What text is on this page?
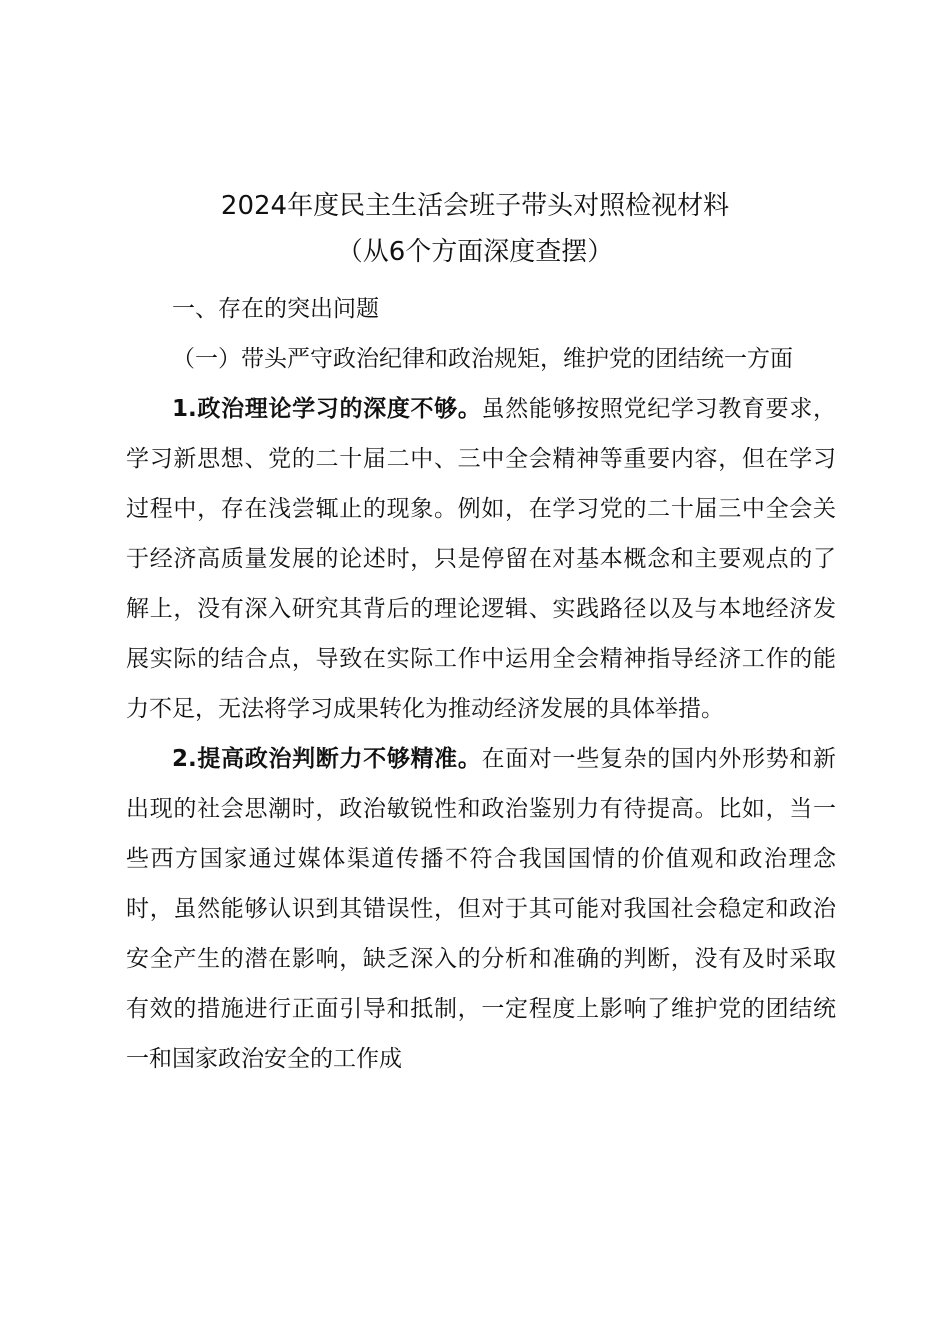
2024年度民主生活会班子带头对照检视材料
（从6个方面深度查摆）

一、存在的突出问题

（一）带头严守政治纪律和政治规矩，维护党的团结统一方面

1.政治理论学习的深度不够。虽然能够按照党纪学习教育要求，学习新思想、党的二十届二中、三中全会精神等重要内容，但在学习过程中，存在浅尝辄止的现象。例如，在学习党的二十届三中全会关于经济高质量发展的论述时，只是停留在对基本概念和主要观点的了解上，没有深入研究其背后的理论逻辑、实践路径以及与本地经济发展实际的结合点，导致在实际工作中运用全会精神指导经济工作的能力不足，无法将学习成果转化为推动经济发展的具体举措。

2.提高政治判断力不够精准。在面对一些复杂的国内外形势和新出现的社会思潮时，政治敏锐性和政治鉴别力有待提高。比如，当一些西方国家通过媒体渠道传播不符合我国国情的价值观和政治理念时，虽然能够认识到其错误性，但对于其可能对我国社会稳定和政治安全产生的潜在影响，缺乏深入的分析和准确的判断，没有及时采取有效的措施进行正面引导和抵制，一定程度上影响了维护党的团结统一和国家政治安全的工作成
